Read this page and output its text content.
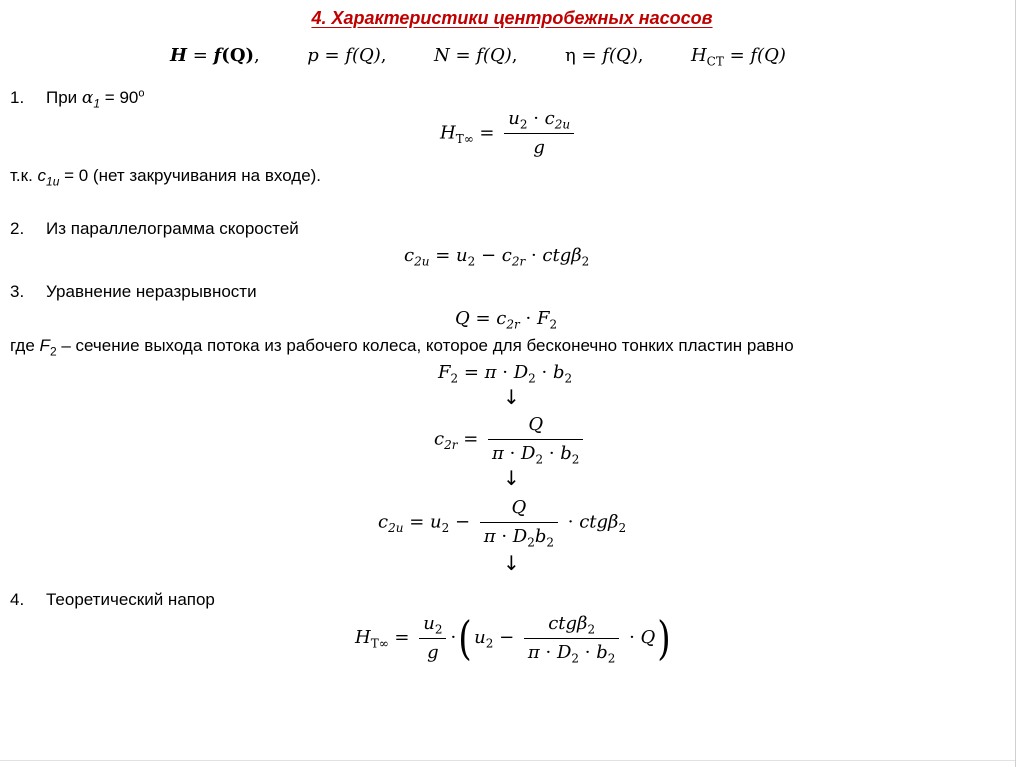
4. Характеристики центробежных насосов
H = f(Q),	p = f(Q),	N = f(Q),	η = f(Q),	$H_{СТ} = f(Q)$
1. При $\alpha_1 = 90^о$
$H_{T\infty} = \frac{u_2 \cdot c_{2u}}{g}$
т.к. $c_{1u} = 0$ (нет закручивания на входе).
2. Из параллелограмма скоростей
$c_{2u} = u_2 - c_{2r} \cdot ctg\beta_2$
3. Уравнение неразрывности
$Q = c_{2r} \cdot F_2$
где $F_2$ – сечение выхода потока из рабочего колеса, которое для бесконечно тонких пластин равно
$F_2 = \pi \cdot D_2 \cdot b_2$
↓
$c_{2r} = \frac{Q}{\pi \cdot D_2 \cdot b_2}$
↓
$c_{2u} = u_2 - \frac{Q}{\pi \cdot D_2b_2} \cdot ctg\beta_2$
↓
4. Теоретический напор
$H_{T\infty} = \frac{u_2}{g}$ ·( $u_2 - \frac{ctg\beta_2}{\pi \cdot D_2 \cdot b_2} \cdot Q$)
